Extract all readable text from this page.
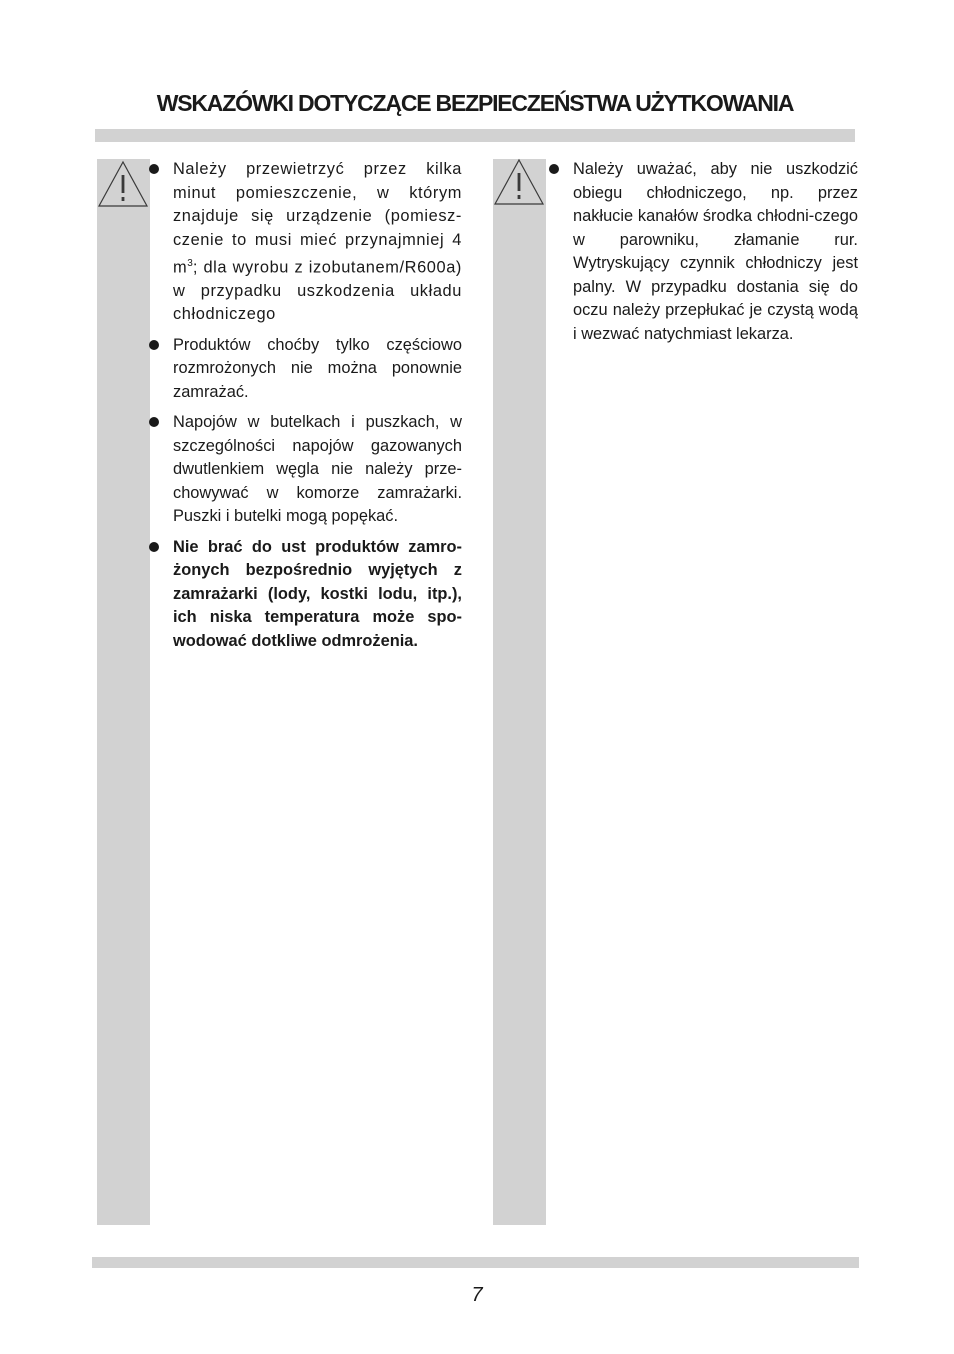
WSKAZÓWKI DOTYCZĄCE BEZPIECZEŃSTWA UŻYTKOWANIA
Należy przewietrzyć przez kilka minut pomieszczenie, w którym znajduje się urządzenie (pomiesz-czenie to musi mieć przynajmniej 4 $m^3$; dla wyrobu z izobutanem/R600a) w przypadku uszkodzenia układu chłodniczego
Produktów choćby tylko częściowo rozmrożonych nie można ponownie zamrażać.
Napojów w butelkach i puszkach, w szczególności napojów gazowanych dwutlenkiem węgla nie należy prze-chowywać w komorze zamrażarki. Puszki i butelki mogą popękać.
Nie brać do ust produktów zamro-żonych bezpośrednio wyjętych z zamrażarki (lody, kostki lodu, itp.), ich niska temperatura może spo-wodować dotkliwe odmrożenia.
Należy uważać, aby nie uszkodzić obiegu chłodniczego, np. przez nakłucie kanałów środka chłodni-czego w parowniku, złamanie rur. Wytryskujący czynnik chłodniczy jest palny. W przypadku dostania się do oczu należy przepłukać je czystą wodą i wezwać natychmiast lekarza.
7
